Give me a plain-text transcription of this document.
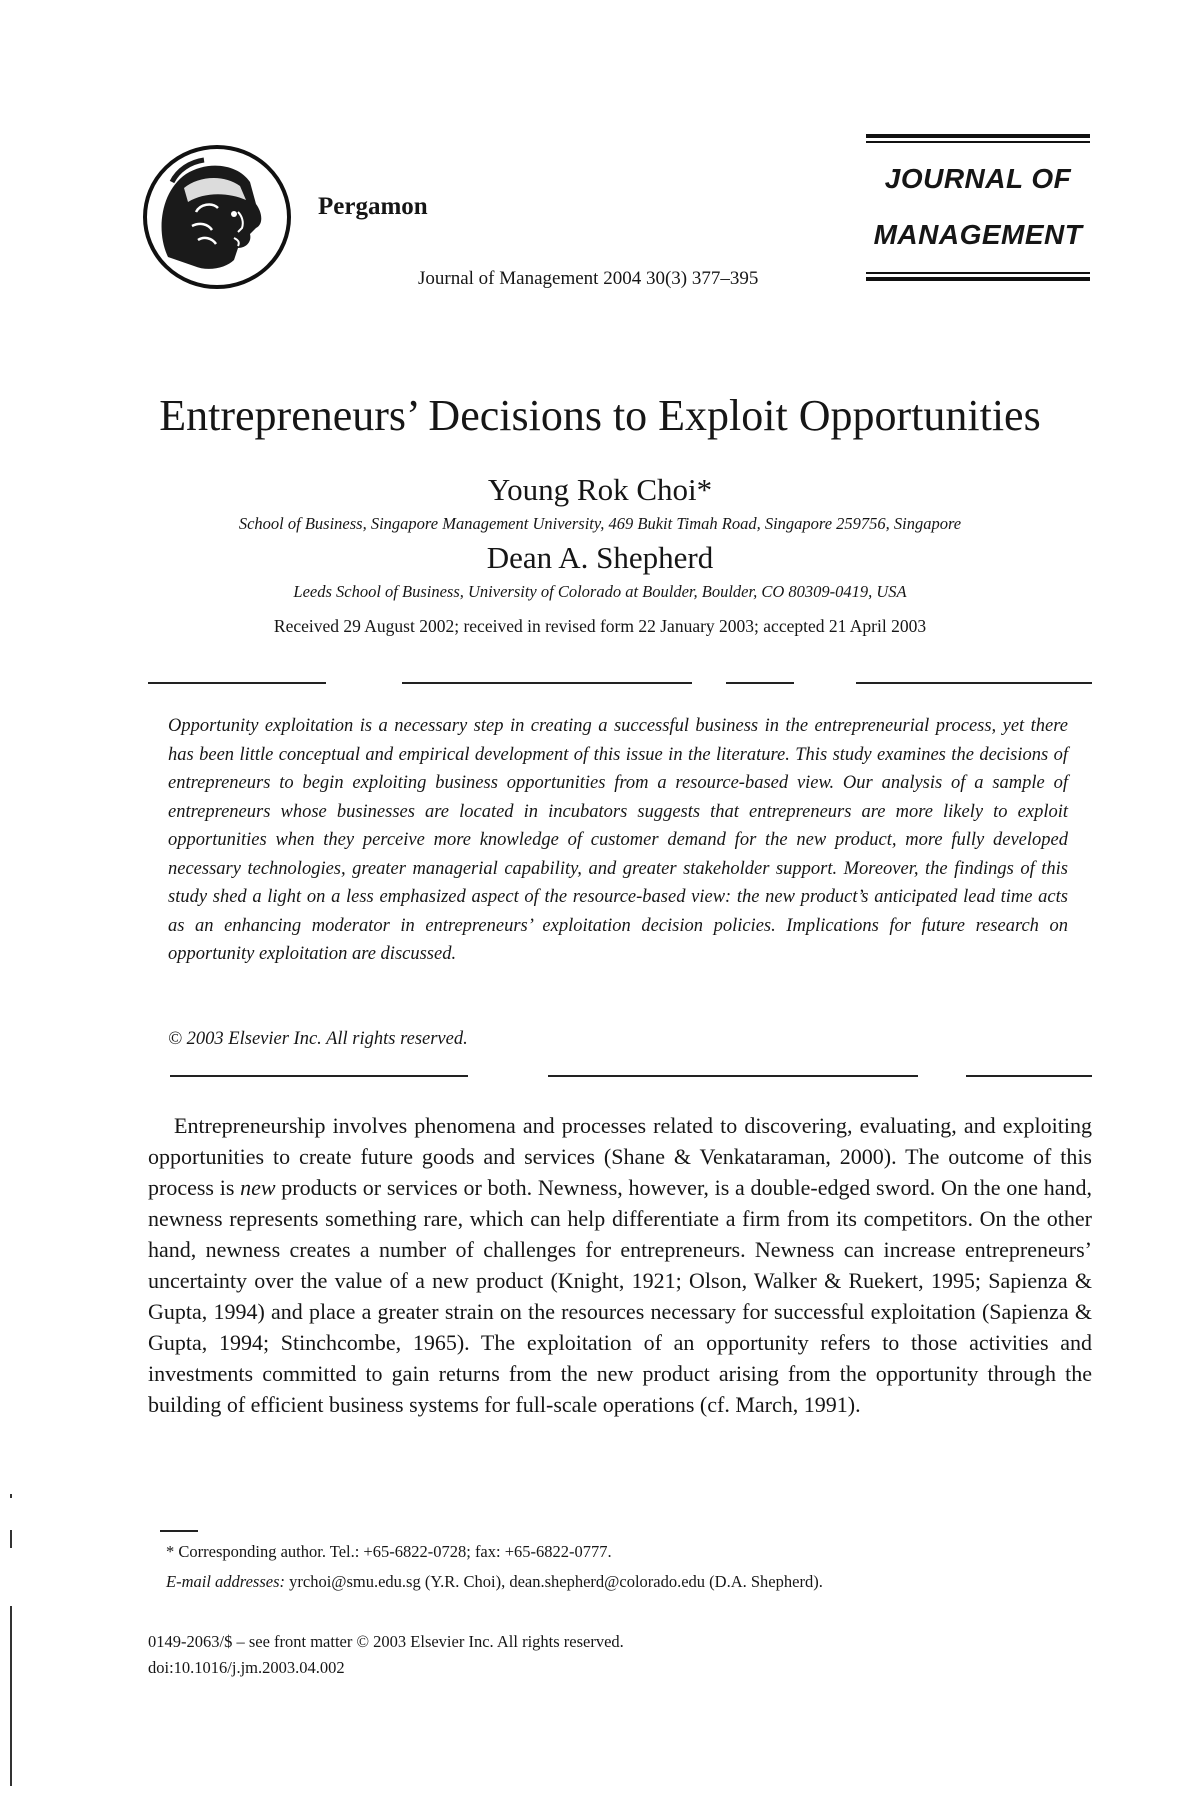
Pergamon
Journal of Management 2004 30(3) 377–395
JOURNAL OF
MANAGEMENT
Entrepreneurs’ Decisions to Exploit Opportunities
Young Rok Choi*
School of Business, Singapore Management University, 469 Bukit Timah Road, Singapore 259756, Singapore
Dean A. Shepherd
Leeds School of Business, University of Colorado at Boulder, Boulder, CO 80309-0419, USA
Received 29 August 2002; received in revised form 22 January 2003; accepted 21 April 2003

Opportunity exploitation is a necessary step in creating a successful business in the entrepreneurial process, yet there has been little conceptual and empirical development of this issue in the literature. This study examines the decisions of entrepreneurs to begin exploiting business opportunities from a resource-based view. Our analysis of a sample of entrepreneurs whose businesses are located in incubators suggests that entrepreneurs are more likely to exploit opportunities when they perceive more knowledge of customer demand for the new product, more fully developed necessary technologies, greater managerial capability, and greater stakeholder support. Moreover, the findings of this study shed a light on a less emphasized aspect of the resource-based view: the new product’s anticipated lead time acts as an enhancing moderator in entrepreneurs’ exploitation decision policies. Implications for future research on opportunity exploitation are discussed.

© 2003 Elsevier Inc. All rights reserved.

Entrepreneurship involves phenomena and processes related to discovering, evaluating, and exploiting opportunities to create future goods and services (Shane & Venkataraman, 2000). The outcome of this process is new products or services or both. Newness, however, is a double-edged sword. On the one hand, newness represents something rare, which can help differentiate a firm from its competitors. On the other hand, newness creates a number of challenges for entrepreneurs. Newness can increase entrepreneurs’ uncertainty over the value of a new product (Knight, 1921; Olson, Walker & Ruekert, 1995; Sapienza & Gupta, 1994) and place a greater strain on the resources necessary for successful exploitation (Sapienza & Gupta, 1994; Stinchcombe, 1965). The exploitation of an opportunity refers to those activities and investments committed to gain returns from the new product arising from the opportunity through the building of efficient business systems for full-scale operations (cf. March, 1991).

* Corresponding author. Tel.: +65-6822-0728; fax: +65-6822-0777.
E-mail addresses: yrchoi@smu.edu.sg (Y.R. Choi), dean.shepherd@colorado.edu (D.A. Shepherd).
0149-2063/$ – see front matter © 2003 Elsevier Inc. All rights reserved.
doi:10.1016/j.jm.2003.04.002
